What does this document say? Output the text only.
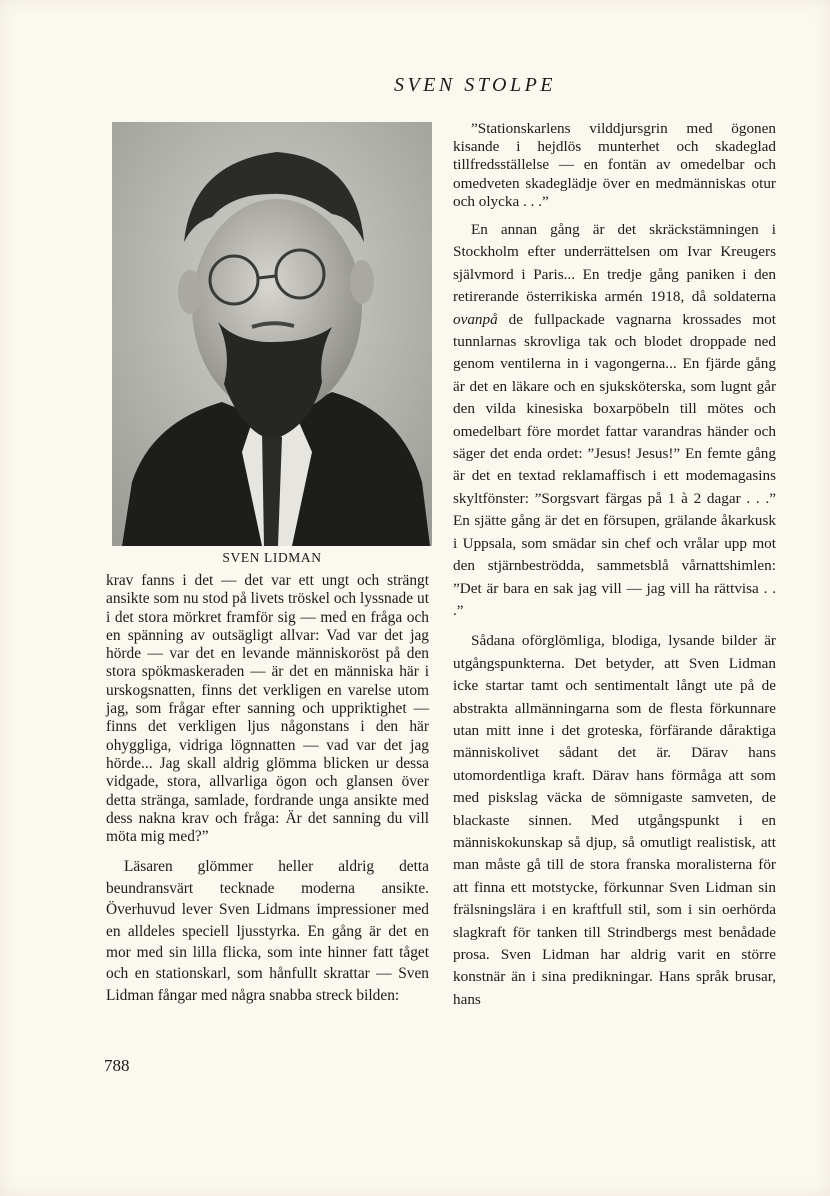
SVEN STOLPE
SVEN LIDMAN

krav fanns i det — det var ett ungt och strängt ansikte som nu stod på livets tröskel och lyssnade ut i det stora mörkret framför sig — med en fråga och en spänning av outsägligt allvar: Vad var det jag hörde — var det en levande människoröst på den stora spökmaskeraden — är det en människa här i urskogsnatten, finns det verkligen en varelse utom jag, som frågar efter sanning och uppriktighet — finns det verkligen ljus någonstans i den här ohyggliga, vidriga lögnnatten — vad var det jag hörde... Jag skall aldrig glömma blicken ur dessa vidgade, stora, allvarliga ögon och glansen över detta stränga, samlade, fordrande unga ansikte med dess nakna krav och fråga: Är det sanning du vill möta mig med?”

Läsaren glömmer heller aldrig detta beundransvärt tecknade moderna ansikte. Överhuvud lever Sven Lidmans impressioner med en alldeles speciell ljusstyrka. En gång är det en mor med sin lilla flicka, som inte hinner fatt tåget och en stationskarl, som hånfullt skrattar — Sven Lidman fångar med några snabba streck bilden:

”Stationskarlens vilddjursgrin med ögonen kisande i hejdlös munterhet och skadeglad tillfredsställelse — en fontän av omedelbar och omedveten skadeglädje över en medmänniskas otur och olycka . . .”

En annan gång är det skräckstämningen i Stockholm efter underrättelsen om Ivar Kreugers självmord i Paris... En tredje gång paniken i den retirerande österrikiska armén 1918, då soldaterna ovanpå de fullpackade vagnarna krossades mot tunnlarnas skrovliga tak och blodet droppade ned genom ventilerna in i vagongerna... En fjärde gång är det en läkare och en sjuksköterska, som lugnt går den vilda kinesiska boxarpöbeln till mötes och omedelbart före mordet fattar varandras händer och säger det enda ordet: ”Jesus! Jesus!” En femte gång är det en textad reklamaffisch i ett modemagasins skyltfönster: ”Sorgsvart färgas på 1 à 2 dagar . . .” En sjätte gång är det en försupen, grälande åkarkusk i Uppsala, som smädar sin chef och vrålar upp mot den stjärnbeströdda, sammetsblå vårnattshimlen: ”Det är bara en sak jag vill — jag vill ha rättvisa . . .”

Sådana oförglömliga, blodiga, lysande bilder är utgångspunkterna. Det betyder, att Sven Lidman icke startar tamt och sentimentalt långt ute på de abstrakta allmänningarna som de flesta förkunnare utan mitt inne i det groteska, förfärande dåraktiga människolivet sådant det är. Därav hans utomordentliga kraft. Därav hans förmåga att som med piskslag väcka de sömnigaste samveten, de blackaste sinnen. Med utgångspunkt i en människokunskap så djup, så omutligt realistisk, att man måste gå till de stora franska moralisterna för att finna ett motstycke, förkunnar Sven Lidman sin frälsningslära i en kraftfull stil, som i sin oerhörda slagkraft för tanken till Strindbergs mest benådade prosa. Sven Lidman har aldrig varit en större konstnär än i sina predikningar. Hans språk brusar, hans

788
